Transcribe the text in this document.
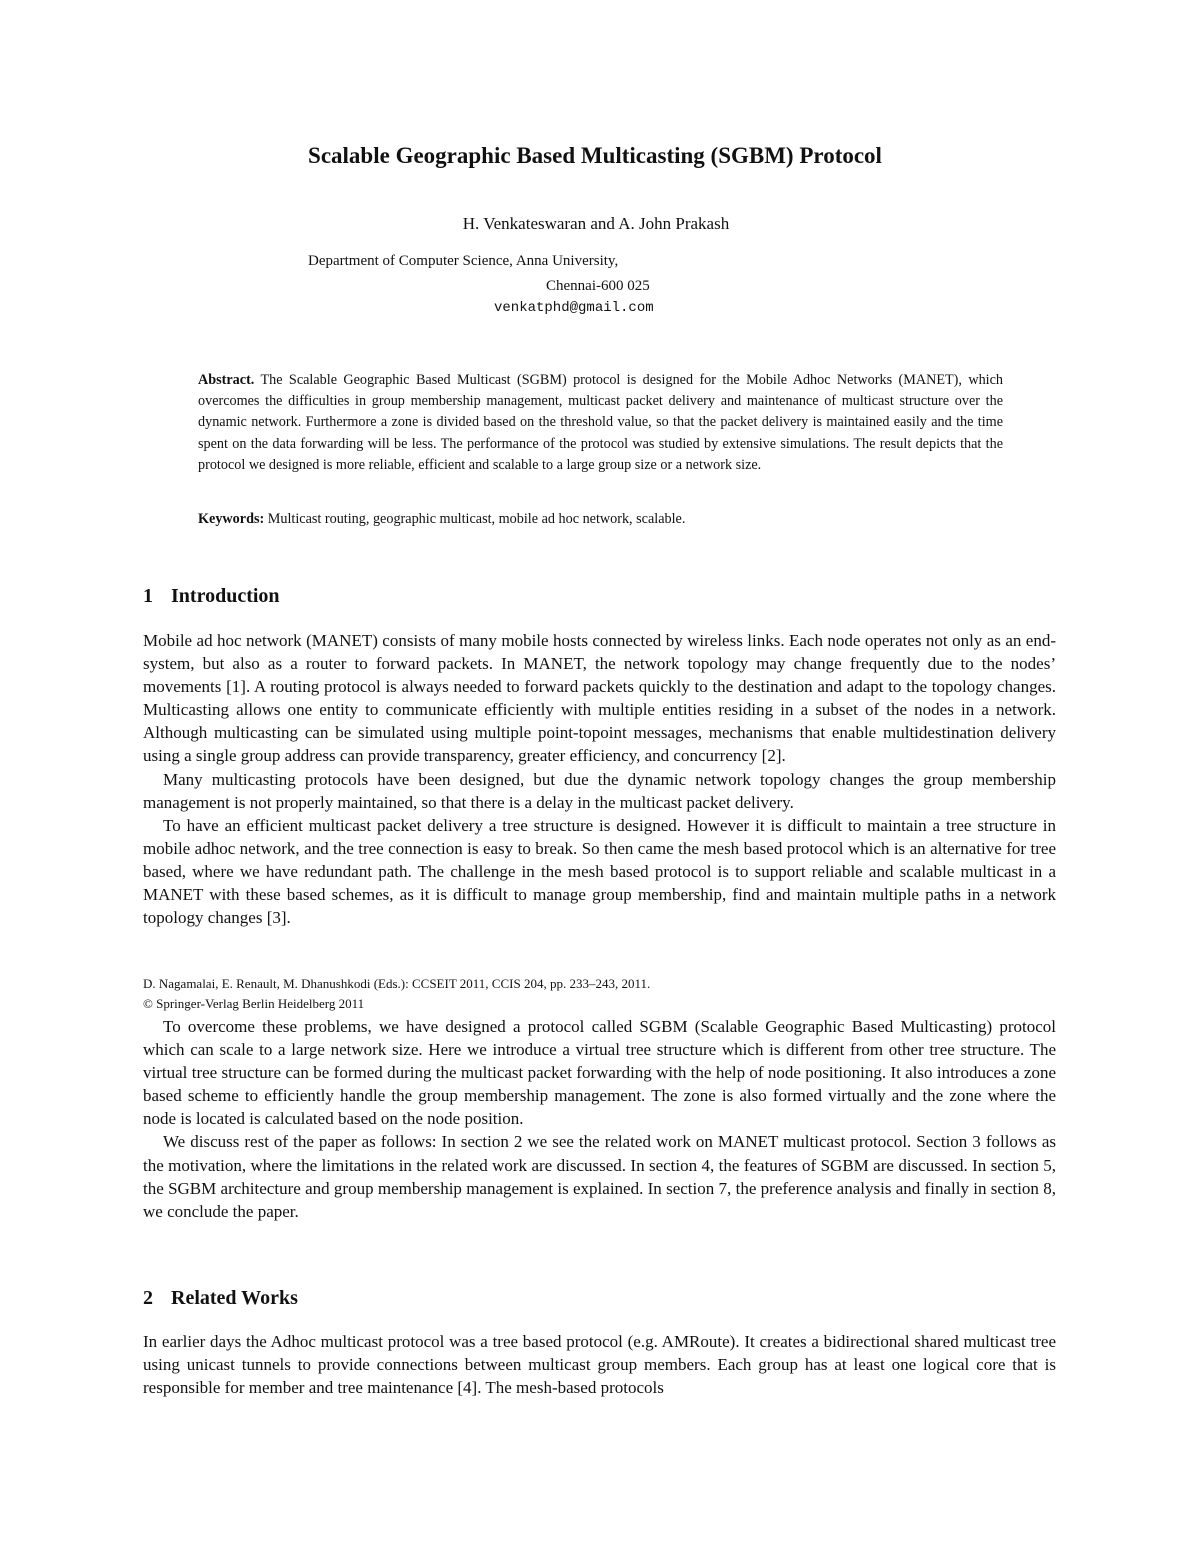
Scalable Geographic Based Multicasting (SGBM) Protocol
H. Venkateswaran and A. John Prakash
Department of Computer Science, Anna University,
Chennai-600 025
venkatphd@gmail.com

Abstract. The Scalable Geographic Based Multicast (SGBM) protocol is designed for the Mobile Adhoc Networks (MANET), which overcomes the difficulties in group membership management, multicast packet delivery and maintenance of multicast structure over the dynamic network. Furthermore a zone is divided based on the threshold value, so that the packet delivery is maintained easily and the time spent on the data forwarding will be less. The performance of the protocol was studied by extensive simulations. The result depicts that the protocol we designed is more reliable, efficient and scalable to a large group size or a network size.

Keywords: Multicast routing, geographic multicast, mobile ad hoc network, scalable.

1 Introduction

Mobile ad hoc network (MANET) consists of many mobile hosts connected by wireless links. Each node operates not only as an end-system, but also as a router to forward packets. In MANET, the network topology may change frequently due to the nodes’ movements [1]. A routing protocol is always needed to forward packets quickly to the destination and adapt to the topology changes. Multicasting allows one entity to communicate efficiently with multiple entities residing in a subset of the nodes in a network. Although multicasting can be simulated using multiple point-topoint messages, mechanisms that enable multidestination delivery using a single group address can provide transparency, greater efficiency, and concurrency [2].

Many multicasting protocols have been designed, but due the dynamic network topology changes the group membership management is not properly maintained, so that there is a delay in the multicast packet delivery.

To have an efficient multicast packet delivery a tree structure is designed. However it is difficult to maintain a tree structure in mobile adhoc network, and the tree connection is easy to break. So then came the mesh based protocol which is an alternative for tree based, where we have redundant path. The challenge in the mesh based protocol is to support reliable and scalable multicast in a MANET with these based schemes, as it is difficult to manage group membership, find and maintain multiple paths in a network topology changes [3].

D. Nagamalai, E. Renault, M. Dhanushkodi (Eds.): CCSEIT 2011, CCIS 204, pp. 233–243, 2011.
© Springer-Verlag Berlin Heidelberg 2011

To overcome these problems, we have designed a protocol called SGBM (Scalable Geographic Based Multicasting) protocol which can scale to a large network size. Here we introduce a virtual tree structure which is different from other tree structure. The virtual tree structure can be formed during the multicast packet forwarding with the help of node positioning. It also introduces a zone based scheme to efficiently handle the group membership management. The zone is also formed virtually and the zone where the node is located is calculated based on the node position.

We discuss rest of the paper as follows: In section 2 we see the related work on MANET multicast protocol. Section 3 follows as the motivation, where the limitations in the related work are discussed. In section 4, the features of SGBM are discussed. In section 5, the SGBM architecture and group membership management is explained. In section 7, the preference analysis and finally in section 8, we conclude the paper.

2 Related Works

In earlier days the Adhoc multicast protocol was a tree based protocol (e.g. AMRoute). It creates a bidirectional shared multicast tree using unicast tunnels to provide connections between multicast group members. Each group has at least one logical core that is responsible for member and tree maintenance [4]. The mesh-based protocols
